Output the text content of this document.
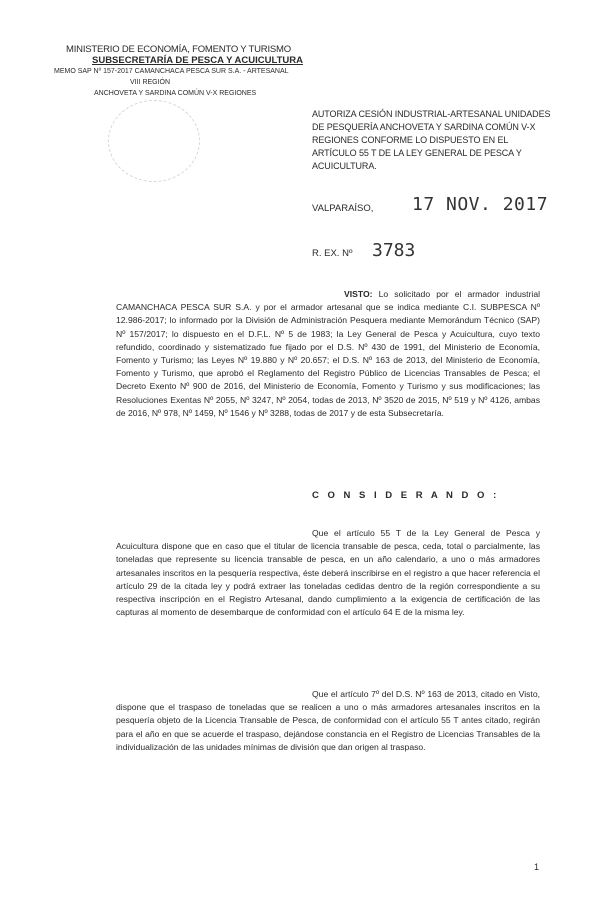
MINISTERIO DE ECONOMÍA, FOMENTO Y TURISMO
SUBSECRETARÍA DE PESCA Y ACUICULTURA
MEMO SAP Nº 157-2017 CAMANCHACA PESCA SUR S.A. - ARTESANAL
VIII REGIÓN
ANCHOVETA Y SARDINA COMÚN V-X REGIONES
AUTORIZA CESIÓN INDUSTRIAL-ARTESANAL UNIDADES DE PESQUERÍA ANCHOVETA Y SARDINA COMÚN V-X REGIONES CONFORME LO DISPUESTO EN EL ARTÍCULO 55 T DE LA LEY GENERAL DE PESCA Y ACUICULTURA.
VALPARAÍSO, 17 NOV. 2017
R. EX. Nº 3783
VISTO: Lo solicitado por el armador industrial CAMANCHACA PESCA SUR S.A. y por el armador artesanal que se indica mediante C.I. SUBPESCA Nº 12.986-2017; lo informado por la División de Administración Pesquera mediante Memorándum Técnico (SAP) Nº 157/2017; lo dispuesto en el D.F.L. Nº 5 de 1983; la Ley General de Pesca y Acuicultura, cuyo texto refundido, coordinado y sistematizado fue fijado por el D.S. Nº 430 de 1991, del Ministerio de Economía, Fomento y Turismo; las Leyes Nº 19.880 y Nº 20.657; el D.S. Nº 163 de 2013, del Ministerio de Economía, Fomento y Turismo, que aprobó el Reglamento del Registro Público de Licencias Transables de Pesca; el Decreto Exento Nº 900 de 2016, del Ministerio de Economía, Fomento y Turismo y sus modificaciones; las Resoluciones Exentas Nº 2055, Nº 3247, Nº 2054, todas de 2013, Nº 3520 de 2015, Nº 519 y Nº 4126, ambas de 2016, Nº 978, Nº 1459, Nº 1546 y Nº 3288, todas de 2017 y de esta Subsecretaría.
C O N S I D E R A N D O :
Que el artículo 55 T de la Ley General de Pesca y Acuicultura dispone que en caso que el titular de licencia transable de pesca, ceda, total o parcialmente, las toneladas que represente su licencia transable de pesca, en un año calendario, a uno o más armadores artesanales inscritos en la pesquería respectiva, éste deberá inscribirse en el registro a que hacer referencia el artículo 29 de la citada ley y podrá extraer las toneladas cedidas dentro de la región correspondiente a su respectiva inscripción en el Registro Artesanal, dando cumplimiento a la exigencia de certificación de las capturas al momento de desembarque de conformidad con el artículo 64 E de la misma ley.
Que el artículo 7º del D.S. Nº 163 de 2013, citado en Visto, dispone que el traspaso de toneladas que se realicen a uno o más armadores artesanales inscritos en la pesquería objeto de la Licencia Transable de Pesca, de conformidad con el artículo 55 T antes citado, regirán para el año en que se acuerde el traspaso, dejándose constancia en el Registro de Licencias Transables de la individualización de las unidades mínimas de división que dan origen al traspaso.
1
